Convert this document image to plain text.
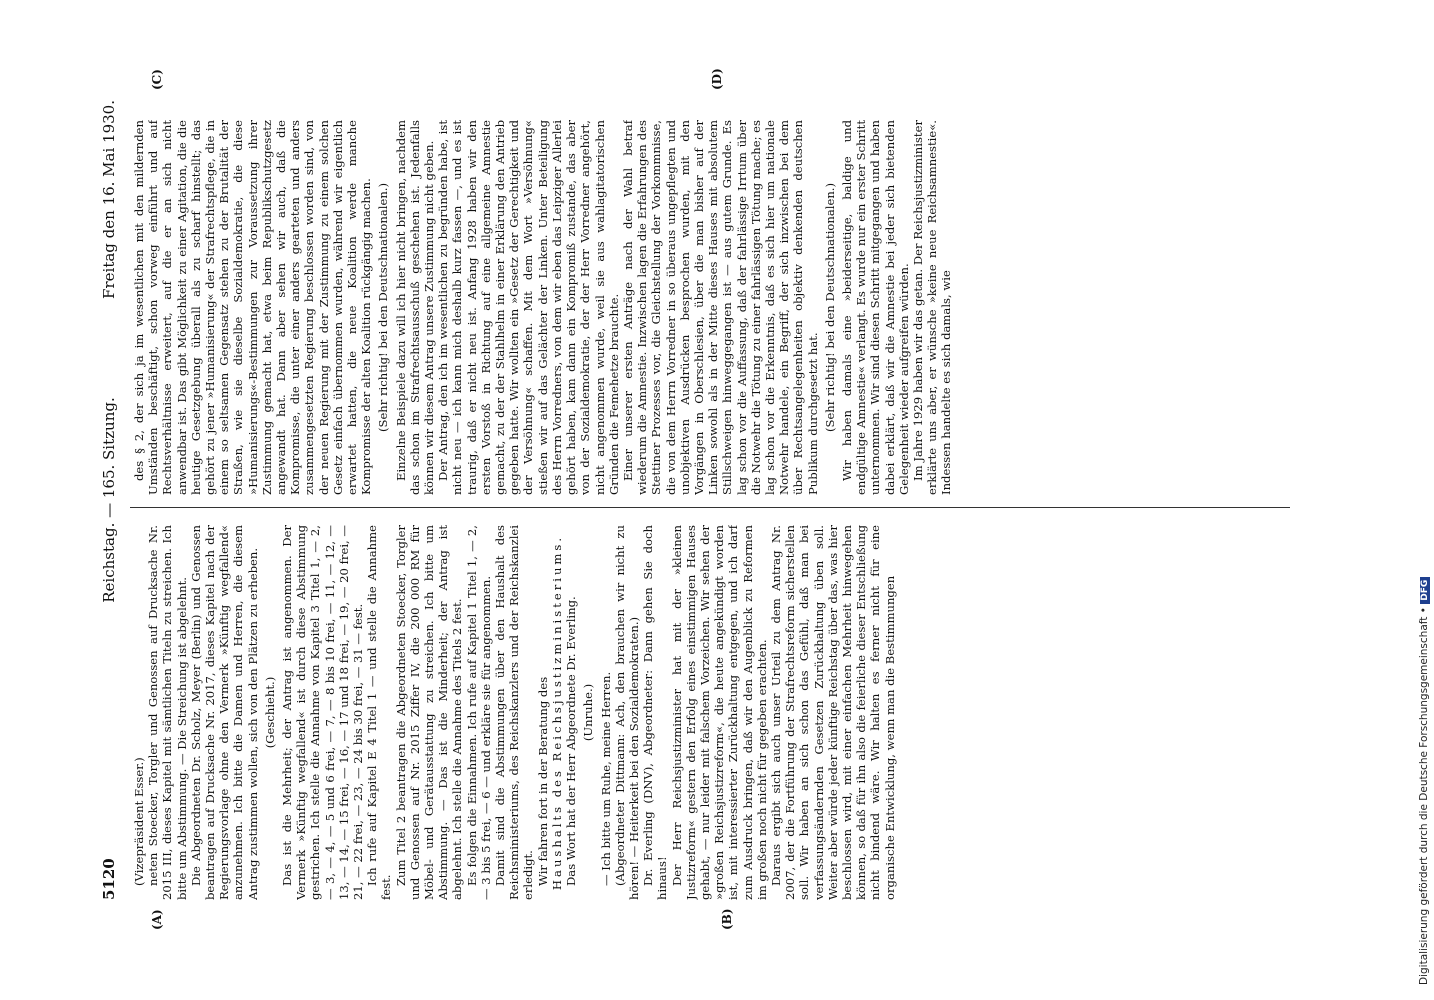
5120
Reichstag. — 165. Sitzung.
Freitag den 16. Mai 1930.

(Vizepräsident Esser.) neten Stoecker, Torgler und Genossen auf Drucksache Nr. 2015 III, dieses Kapitel mit sämtlichen Titeln zu streichen. Ich bitte um Abstimmung. — Die Streichung ist abgelehnt. Die Abgeordneten Dr. Scholz, Meyer (Berlin) und Genossen beantragen auf Drucksache Nr. 2017, dieses Kapitel nach der Regierungsvorlage ohne den Vermerk »Künftig wegfallend« anzunehmen. Ich bitte die Damen und Herren, die diesem Antrag zustimmen wollen, sich von den Plätzen zu erheben. (Geschieht.) Das ist die Mehrheit; der Antrag ist angenommen. Der Vermerk »Künftig wegfallend« ist durch diese Abstimmung gestrichen. Ich stelle die Annahme von Kapitel 3 Titel 1, — 2, — 3, — 4, — 5 und 6 frei, — 7, — 8 bis 10 frei, — 11, — 12, — 13, — 14, — 15 frei, — 16, — 17 und 18 frei, — 19, — 20 frei, — 21, — 22 frei, — 23, — 24 bis 30 frei, — 31 — fest. Ich rufe auf Kapitel E 4 Titel 1 — und stelle die Annahme fest.

Zum Titel 2 beantragen die Abgeordneten Stoecker, Torgler und Genossen auf Nr. 2015 Ziffer IV, die 200 000 RM für Möbel- und Gerätausstattung zu streichen. Ich bitte um Abstimmung. — Das ist die Minderheit; der Antrag ist abgelehnt. Ich stelle die Annahme des Titels 2 fest. Es folgen die Einnahmen. Ich rufe auf Kapitel 1 Titel 1, — 2, — 3 bis 5 frei, — 6 — und erkläre sie für angenommen. Damit sind die Abstimmungen über den Haushalt des Reichsministeriums, des Reichskanzlers und der Reichskanzlei erledigt. Wir fahren fort in der Beratung des Haushalts des Reichsjustizministeriums. Das Wort hat der Herr Abgeordnete Dr. Everling. (Unruhe.) — Ich bitte um Ruhe, meine Herren. (Abgeordneter Dittmann: Ach, den brauchen wir nicht zu hören! — Heiterkeit bei den Sozialdemokraten.) Dr. Everling (DNV), Abgeordneter: Dann gehen Sie doch hinaus! Der Herr Reichsjustizminister hat mit der »kleinen Justizreform« gestern den Erfolg eines einstimmigen Hauses gehabt, — nur leider mit falschem Vorzeichen. Wir sehen der »großen Reichsjustizreform«, die heute angekündigt worden ist, mit interessierter Zurückhaltung entgegen, und ich darf zum Ausdruck bringen, daß wir den Augenblick zu Reformen im großen noch nicht für gegeben erachten. Daraus ergibt sich auch unser Urteil zu dem Antrag Nr. 2007, der die Fortführung der Strafrechtsreform sicherstellen soll. Wir haben an sich schon das Gefühl, daß man bei verfassungsändernden Gesetzen Zurückhaltung üben soll. Weiter aber würde jeder künftige Reichstag über das, was hier beschlossen wird, mit einer einfachen Mehrheit hinwegehen können, so daß für ihn also die feierliche dieser Entschließung nicht bindend wäre. Wir halten es ferner nicht für eine organische Entwicklung, wenn man die Bestimmungen

des § 2, der sich ja im wesentlichen mit den mildernden Umständen beschäftigt, schon vorweg einführt und auf Rechtsverhältnisse erweitert, auf die er an sich nicht anwendbar ist. Das gibt Möglichkeit zu einer Agitation, die die heutige Gesetzgebung überall als zu scharf hinstellt; das gehört zu jener »Humanisierung« der Strafrechtspflege, die in einem so seltsamen Gegensatz stehen zu der Brutalität der Straßen, wie sie dieselbe Sozialdemokratie, die diese »Humanisierungs«-Bestimmungen zur Voraussetzung ihrer Zustimmung gemacht hat, etwa beim Republikschutzgesetz angewandt hat. Dann aber sehen wir auch, daß die Kompromisse, die unter einer anders gearteten und anders zusammengesetzten Regierung beschlossen worden sind, von der neuen Regierung mit der Zustimmung zu einem solchen Gesetz einfach übernommen wurden, während wir eigentlich erwartet hatten, die neue Koalition werde manche Kompromisse der alten Koalition rückgängig machen. (Sehr richtig! bei den Deutschnationalen.) Einzelne Beispiele dazu will ich hier nicht bringen, nachdem das schon im Strafrechtsausschuß geschehen ist. Jedenfalls können wir diesem Antrag unsere Zustimmung nicht geben. Der Antrag, den ich im wesentlichen zu begründen habe, ist nicht neu — ich kann mich deshalb kurz fassen —, und es ist traurig, daß er nicht neu ist. Anfang 1928 haben wir den ersten Vorstoß in Richtung auf eine allgemeine Amnestie gemacht, zu der der Stahlhelm in einer Erklärung den Antrieb gegeben hatte. Wir wollten ein »Gesetz der Gerechtigkeit und der Versöhnung« schaffen. Mit dem Wort »Versöhnung« stießen wir auf das Gelächter der Linken. Unter Beteiligung des Herrn Vorredners, von dem wir eben das Leipziger Allerlei gehört haben, kam dann ein Kompromiß zustande, das aber von der Sozialdemokratie, der der Herr Vorredner angehört, nicht angenommen wurde, weil sie aus wahlagitatorischen Gründen die Femehetze brauchte. Einer unserer ersten Anträge nach der Wahl betraf wiederum die Amnestie. Inzwischen lagen die Erfahrungen des Stettiner Prozesses vor, die Gleichstellung der Vorkommnisse, die von dem Herrn Vorredner in so überaus ungepflegten und unobjektiven Ausdrücken besprochen wurden, mit den Vorgängen in Oberschlesien, über die man bisher auf der Linken sowohl als in der Mitte dieses Hauses mit absolutem Stillschweigen hinweggegangen ist — aus gutem Grunde. Es lag schon vor die Auffassung, daß der fahrlässige Irrtum über die Notwehr die Tötung zu einer fahrlässigen Tötung mache; es lag schon vor die Erkenntnis, daß es sich hier um nationale Notwehr handele, ein Begriff, der sich inzwischen bei dem über Rechtsangelegenheiten objektiv denkenden deutschen Publikum durchgesetzt hat. (Sehr richtig! bei den Deutschnationalen.) Wir haben damals eine »beiderseitige, baldige und endgültige Amnestie« verlangt. Es wurde nur ein erster Schritt unternommen. Wir sind diesen Schritt mitgegangen und haben dabei erklärt, daß wir die Amnestie bei jeder sich bietenden Gelegenheit wieder aufgreifen würden. Im Jahre 1929 haben wir das getan. Der Reichsjustizminister erklärte uns aber, er wünsche »keine neue Reichsamnestie«. Indessen handelte es sich damals, wie

(A)	(B)
(C)	(D)
Digitalisierung gefördert durch die Deutsche Forschungsgemeinschaft • DFG
